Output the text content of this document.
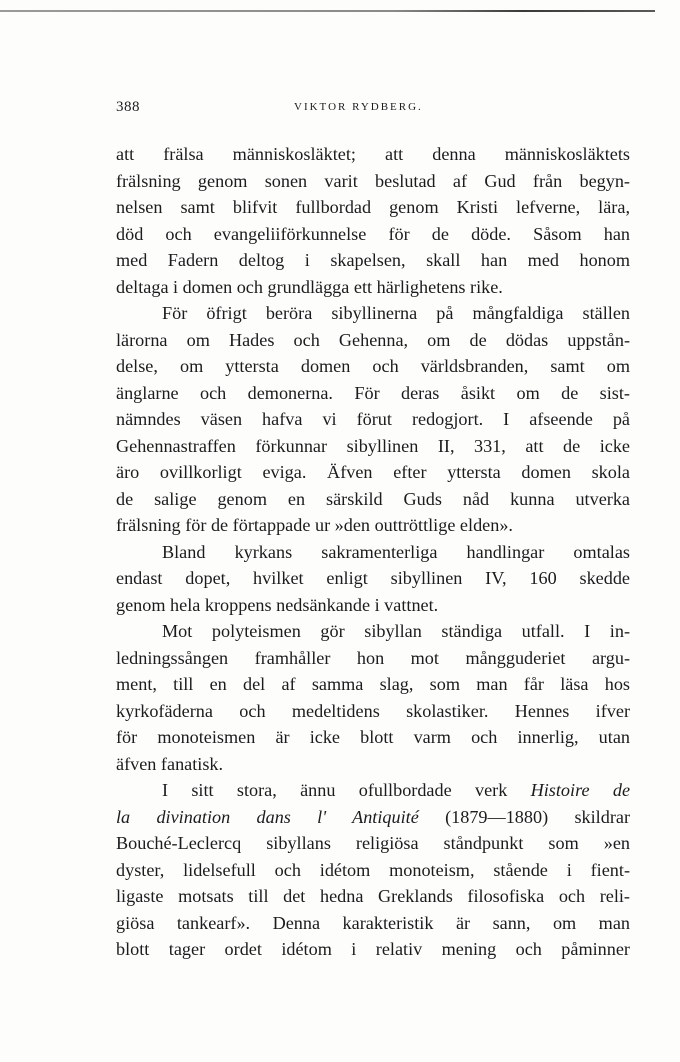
388	VIKTOR RYDBERG.
att frälsa människosläktet; att denna människosläktets
frälsning genom sonen varit beslutad af Gud från begyn-
nelsen samt blifvit fullbordad genom Kristi lefverne, lära,
död och evangeliiförkunnelse för de döde. Såsom han
med Fadern deltog i skapelsen, skall han med honom
deltaga i domen och grundlägga ett härlighetens rike.
För öfrigt beröra sibyllinerna på mångfaldiga ställen
lärorna om Hades och Gehenna, om de dödas uppstån-
delse, om yttersta domen och världsbranden, samt om
änglarne och demonerna. För deras åsikt om de sist-
nämndes väsen hafva vi förut redogjort. I afseende på
Gehennastraffen förkunnar sibyllinen II, 331, att de icke
äro ovillkorligt eviga. Äfven efter yttersta domen skola
de salige genom en särskild Guds nåd kunna utverka
frälsning för de förtappade ur »den outtröttlige elden».
Bland kyrkans sakramenterliga handlingar omtalas
endast dopet, hvilket enligt sibyllinen IV, 160 skedde
genom hela kroppens nedsänkande i vattnet.
Mot polyteismen gör sibyllan ständiga utfall. I in-
ledningssången framhåller hon mot mångguderiet argu-
ment, till en del af samma slag, som man får läsa hos
kyrkofäderna och medeltidens skolastiker. Hennes ifver
för monoteismen är icke blott varm och innerlig, utan
äfven fanatisk.
I sitt stora, ännu ofullbordade verk Histoire de
la divination dans l' Antiquité (1879—1880) skildrar
Bouché-Leclercq sibyllans religiösa ståndpunkt som »en
dyster, lidelsefull och idétom monoteism, stående i fient-
ligaste motsats till det hedna Greklands filosofiska och reli-
giösa tankearf». Denna karakteristik är sann, om man
blott tager ordet idétom i relativ mening och påminner
